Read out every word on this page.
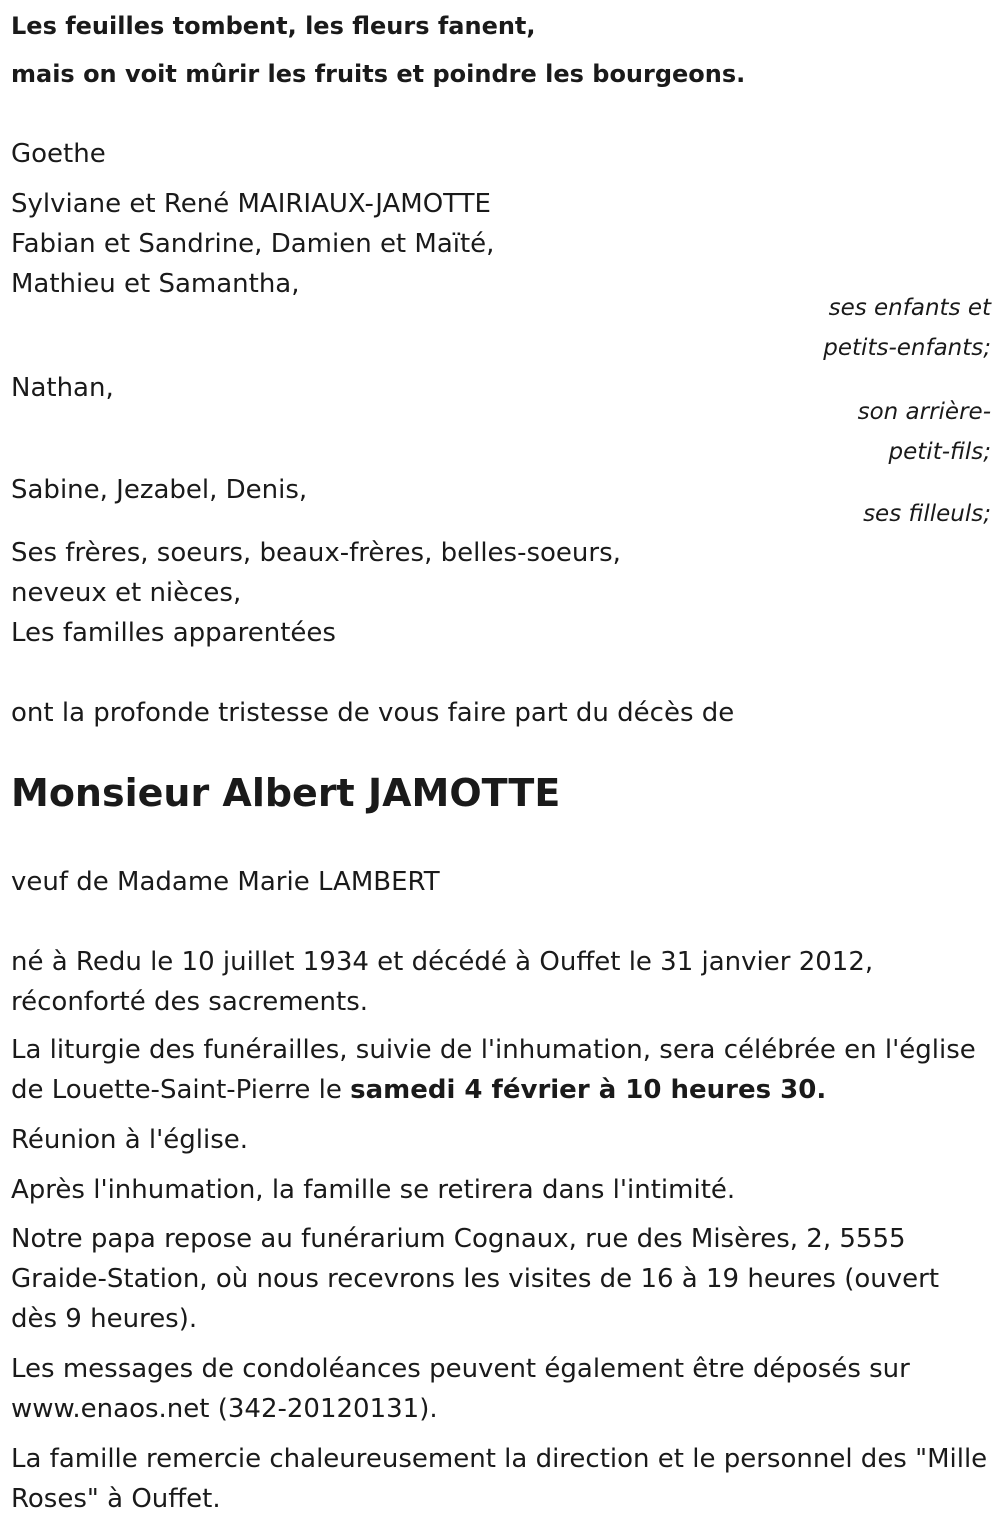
Les feuilles tombent, les fleurs fanent,

mais on voit mûrir les fruits et poindre les bourgeons.

Goethe
Sylviane et René MAIRIAUX-JAMOTTE
Fabian et Sandrine, Damien et Maïté,
Mathieu et Samantha,
ses enfants et
petits-enfants;
Nathan,
son arrière-
petit-fils;
Sabine, Jezabel, Denis,
ses filleuls;
Ses frères, soeurs, beaux-frères, belles-soeurs,
neveux et nièces,
Les familles apparentées
ont la profonde tristesse de vous faire part du décès de
Monsieur Albert JAMOTTE
veuf de Madame Marie LAMBERT
né à Redu le 10 juillet 1934 et décédé à Ouffet le 31 janvier 2012, réconforté des sacrements.
La liturgie des funérailles, suivie de l'inhumation, sera célébrée en l'église de Louette-Saint-Pierre le samedi 4 février à 10 heures 30.
Réunion à l'église.
Après l'inhumation, la famille se retirera dans l'intimité.
Notre papa repose au funérarium Cognaux, rue des Misères, 2, 5555 Graide-Station, où nous recevrons les visites de 16 à 19 heures (ouvert dès 9 heures).
Les messages de condoléances peuvent également être déposés sur www.enaos.net (342-20120131).
La famille remercie chaleureusement la direction et le personnel des "Mille Roses" à Ouffet.
